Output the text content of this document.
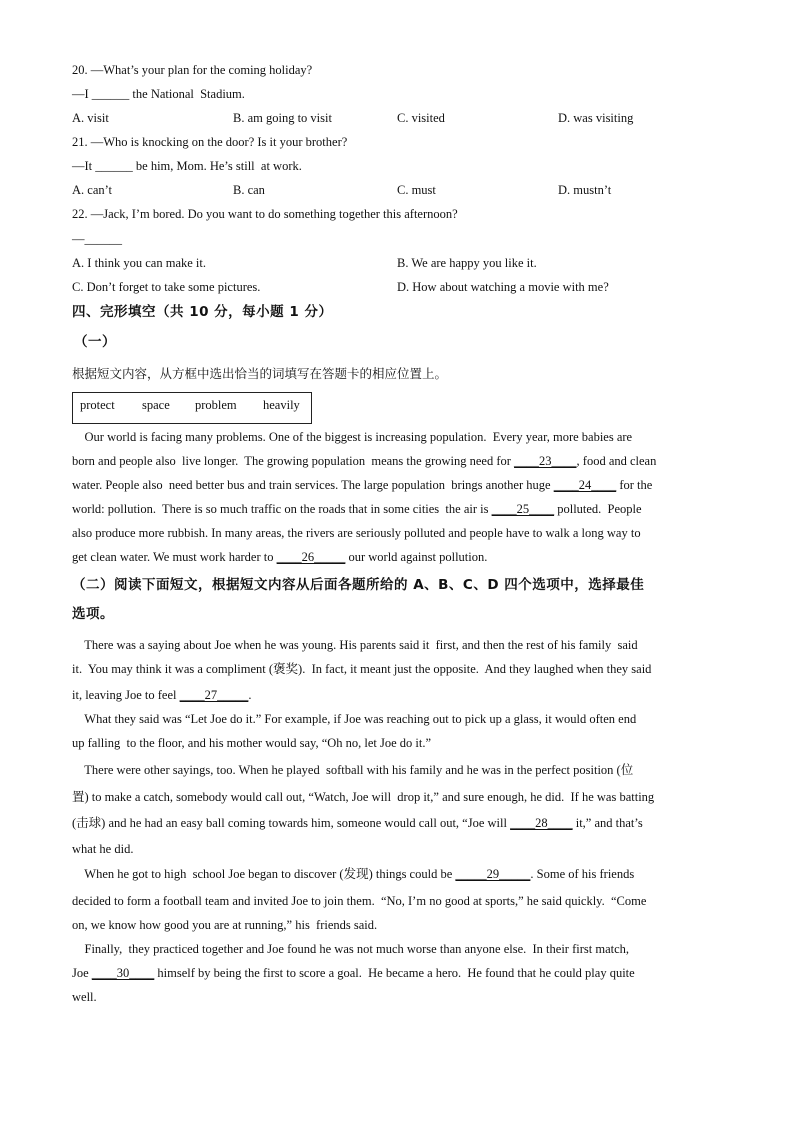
20. —What’s your plan for the coming holiday?
—I ______ the National  Stadium.
A. visit	B. am going to visit	C. visited	D. was visiting
21. —Who is knocking on the door? Is it your brother?
—It ______ be him, Mom. He’s still  at work.
A. can’t	B. can	C. must	D. mustn’t
22. —Jack, I’m bored. Do you want to do something together this afternoon?
—______
A. I think you can make it.	B. We are happy you like it.
C. Don’t forget to take some pictures.	D. How about watching a movie with me?
四、完形填空（共 10 分，每小题 1 分）
（一）
根据短文内容，从方框中选出恰当的词填写在答题卡的相应位置上。
protect space problem heavily
Our world is facing many problems. One of the biggest is increasing population.  Every year, more babies are
born and people also  live longer.  The growing population  means the growing need for ____23____, food and clean
water. People also  need better bus and train services. The large population  brings another huge ____24____ for the
world: pollution.  There is so much traffic on the roads that in some cities  the air is ____25____ polluted.  People
also produce more rubbish. In many areas, the rivers are seriously polluted and people have to walk a long way to
get clean water. We must work harder to ____26_____ our world against pollution.
（二）阅读下面短文，根据短文内容从后面各题所给的 A、B、C、D 四个选项中，选择最佳
选项。
There was a saying about Joe when he was young. His parents said it  first, and then the rest of his family  said
it.  You may think it was a compliment (褒奖).  In fact, it meant just the opposite.  And they laughed when they said
it, leaving Joe to feel ____27_____.
What they said was “Let Joe do it.” For example, if Joe was reaching out to pick up a glass, it would often end
up falling  to the floor, and his mother would say, “Oh no, let Joe do it.”
There were other sayings, too. When he played  softball with his family and he was in the perfect position (位
置) to make a catch, somebody would call out, “Watch, Joe will  drop it,” and sure enough, he did.  If he was batting
(击球) and he had an easy ball coming towards him, someone would call out, “Joe will ____28____ it,” and that’s
what he did.
When he got to high  school Joe began to discover (发现) things could be _____29_____. Some of his friends
decided to form a football team and invited Joe to join them.  “No, I’m no good at sports,” he said quickly.  “Come
on, we know how good you are at running,” his  friends said.
Finally,  they practiced together and Joe found he was not much worse than anyone else.  In their first match,
Joe ____30____ himself by being the first to score a goal.  He became a hero.  He found that he could play quite
well.
